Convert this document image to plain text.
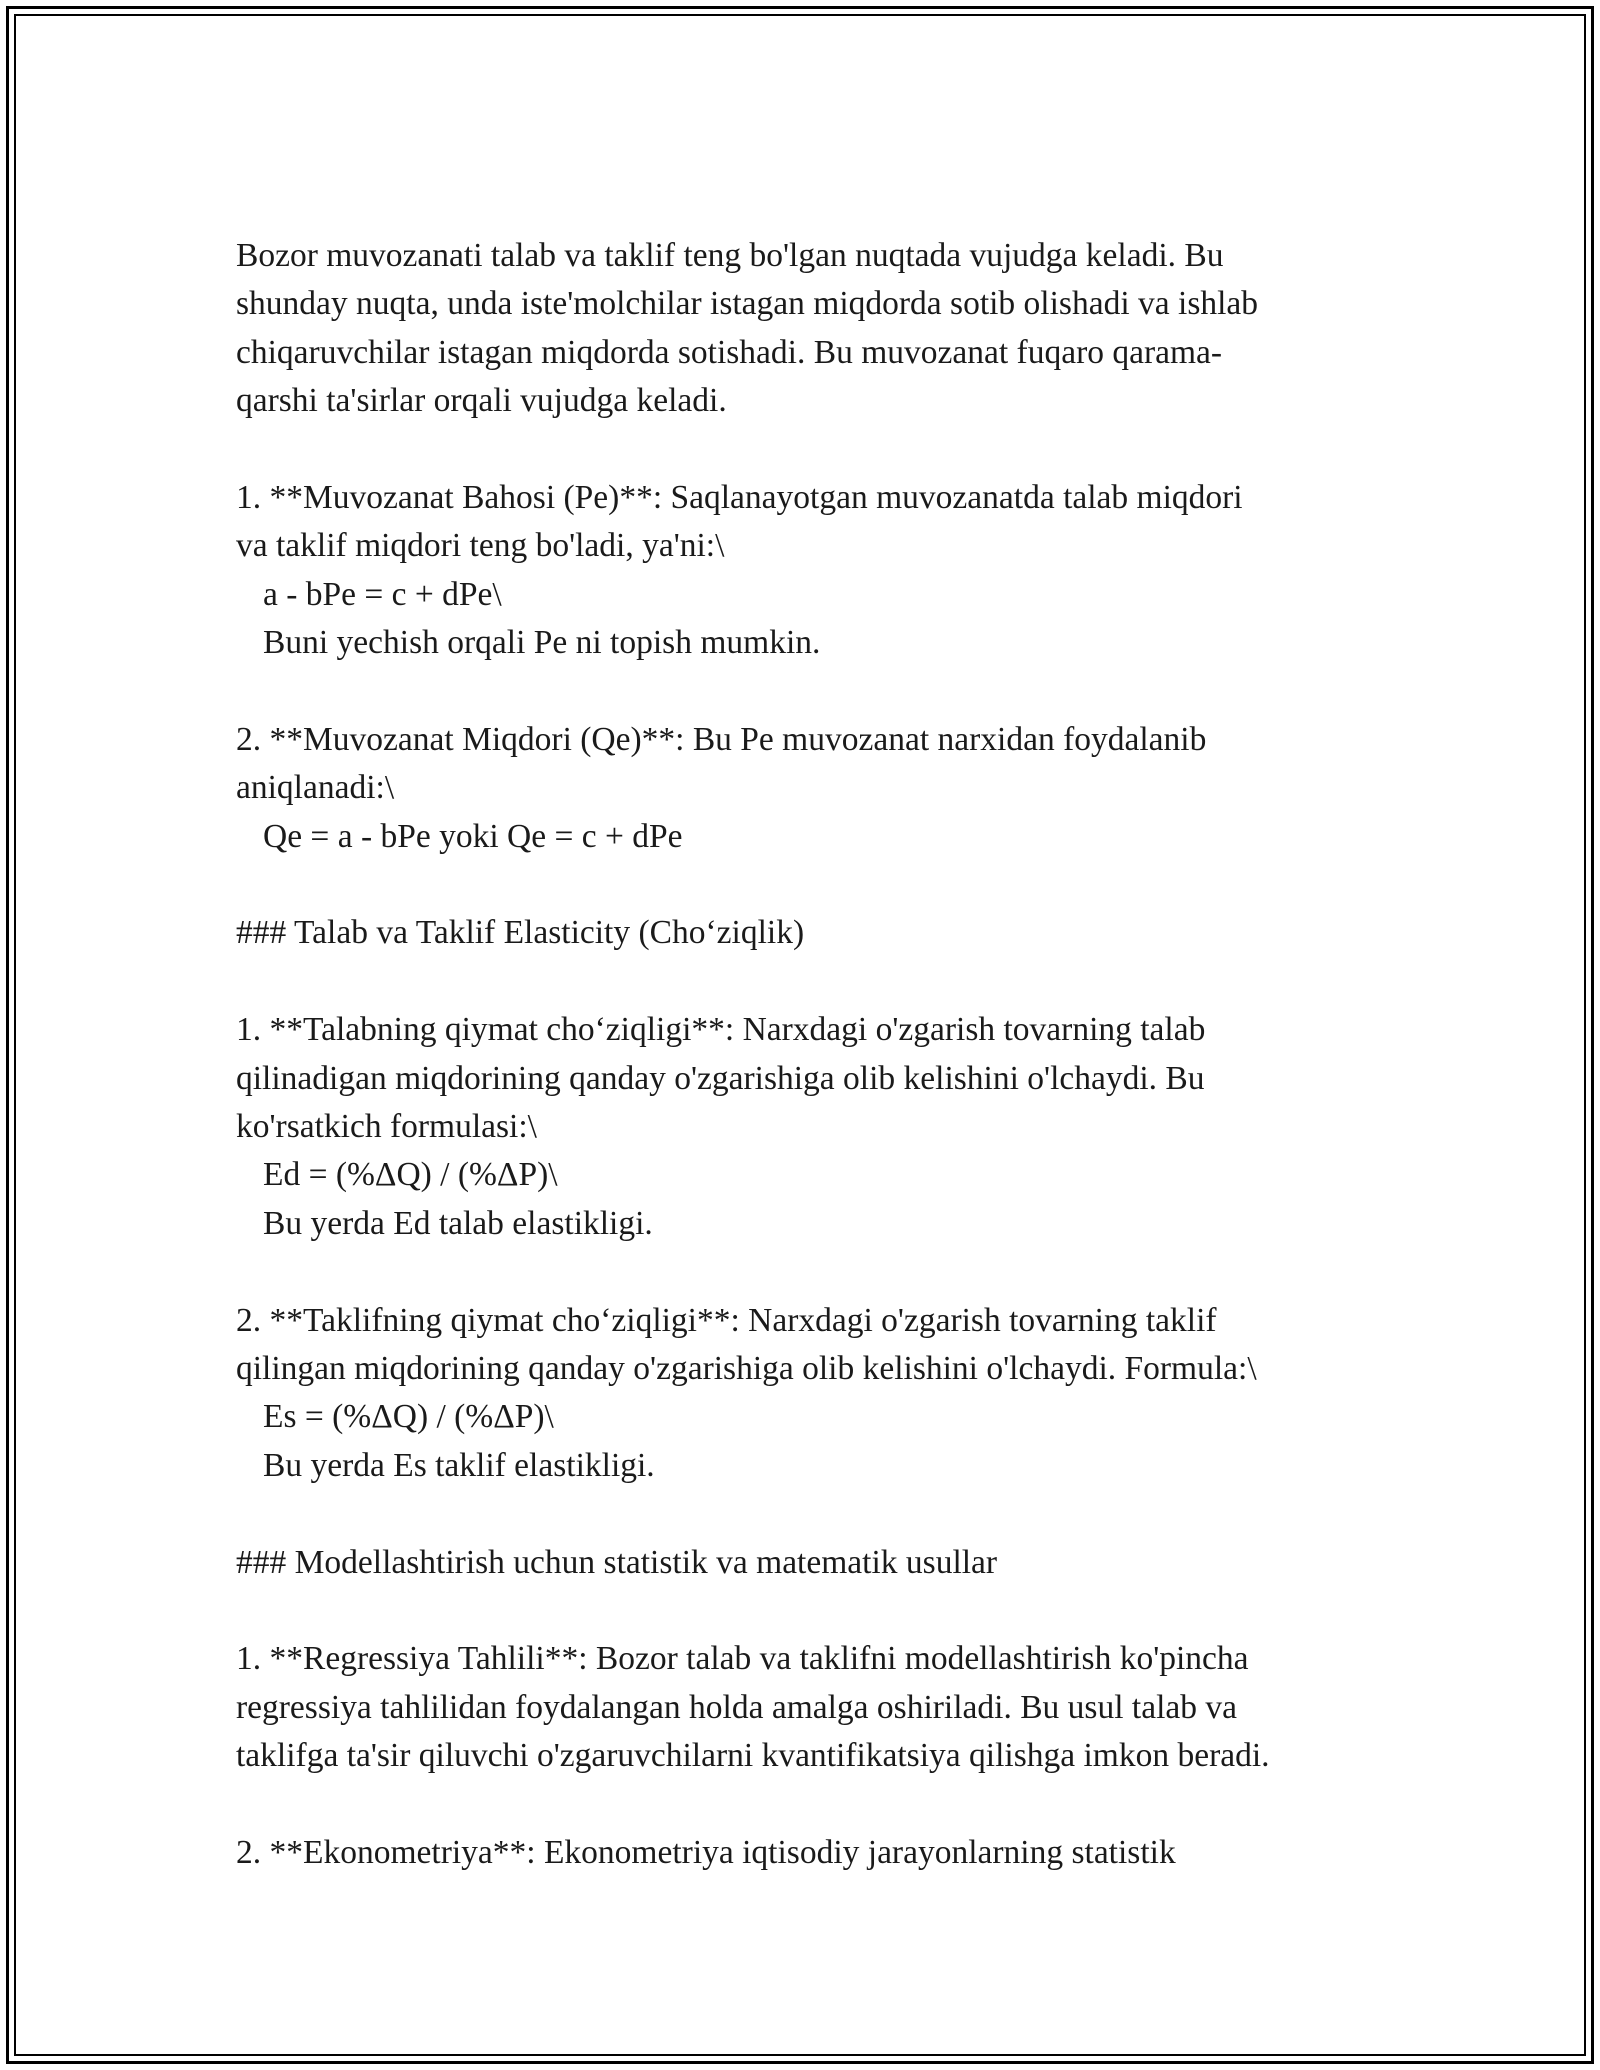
Bozor muvozanati talab va taklif teng bo'lgan nuqtada vujudga keladi. Bu
shunday nuqta, unda iste'molchilar istagan miqdorda sotib olishadi va ishlab
chiqaruvchilar istagan miqdorda sotishadi. Bu muvozanat fuqaro qarama-
qarshi ta'sirlar orqali vujudga keladi.
1. **Muvozanat Bahosi (Pe)**: Saqlanayotgan muvozanatda talab miqdori
va taklif miqdori teng bo'ladi, ya'ni:\
a - bPe = c + dPe\
Buni yechish orqali Pe ni topish mumkin.
2. **Muvozanat Miqdori (Qe)**: Bu Pe muvozanat narxidan foydalanib
aniqlanadi:\
Qe = a - bPe yoki Qe = c + dPe
### Talab va Taklif Elasticity (Cho‘ziqlik)
1. **Talabning qiymat cho‘ziqligi**: Narxdagi o'zgarish tovarning talab
qilinadigan miqdorining qanday o'zgarishiga olib kelishini o'lchaydi. Bu
ko'rsatkich formulasi:\
Ed = (%ΔQ) / (%ΔP)\
Bu yerda Ed talab elastikligi.
2. **Taklifning qiymat cho‘ziqligi**: Narxdagi o'zgarish tovarning taklif
qilingan miqdorining qanday o'zgarishiga olib kelishini o'lchaydi. Formula:\
Es = (%ΔQ) / (%ΔP)\
Bu yerda Es taklif elastikligi.
### Modellashtirish uchun statistik va matematik usullar
1. **Regressiya Tahlili**: Bozor talab va taklifni modellashtirish ko'pincha
regressiya tahlilidan foydalangan holda amalga oshiriladi. Bu usul talab va
taklifga ta'sir qiluvchi o'zgaruvchilarni kvantifikatsiya qilishga imkon beradi.
2. **Ekonometriya**: Ekonometriya iqtisodiy jarayonlarning statistik
